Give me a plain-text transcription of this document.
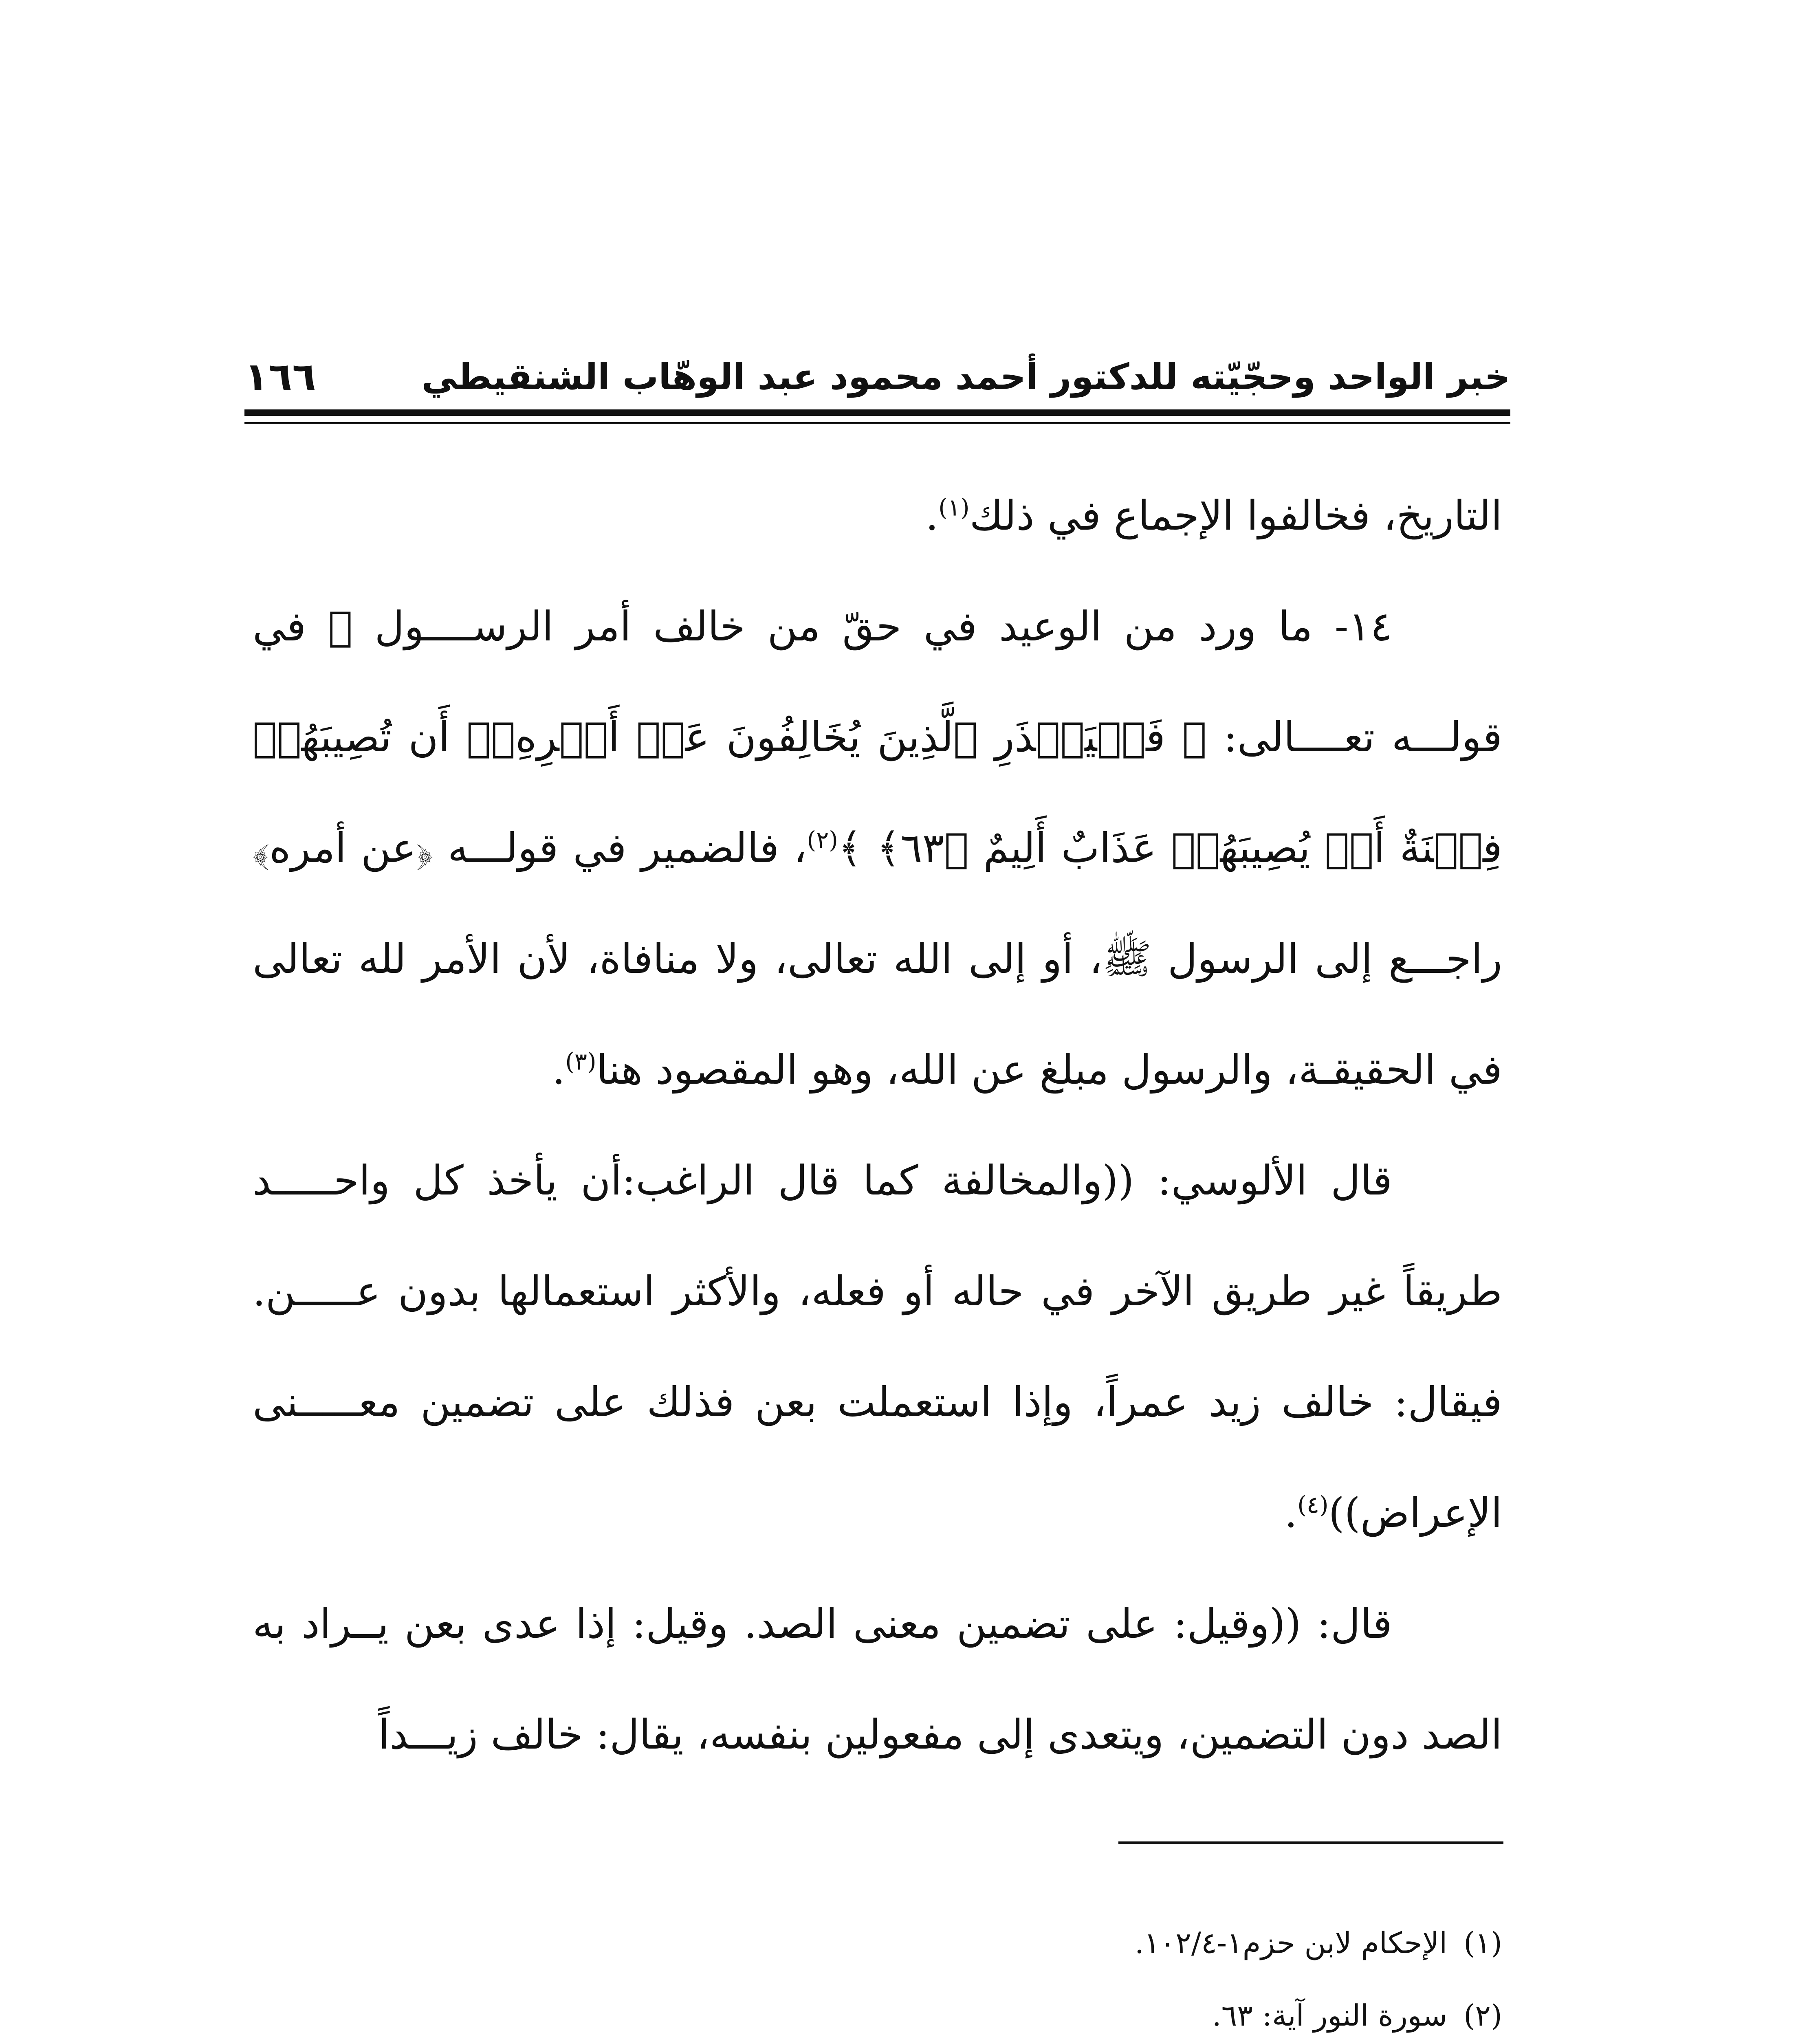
خبر الواحد وحجّيّته للدكتور أحمد محمود عبد الوهّاب الشنقيطي
١٦٦

التاريخ، فخالفوا الإجماع في ذلك$^{(١)}$.

١٤- ما ورد من الوعيد في حقّ من خالف أمر الرســــول ﷺ في قولـــه تعــــالى: ﴿ فَلۡيَحۡذَرِ ٱلَّذِينَ يُخَالِفُونَ عَنۡ أَمۡرِهِۦٓ أَن تُصِيبَهُمۡ فِتۡنَةٌ أَوۡ يُصِيبَهُمۡ عَذَابٌ أَلِيمٌ ﴿٦٣﴾ ﴾$^{(٢)}$، فالضمير في قولـــه ﴿عن أمره﴾ راجـــع إلى الرسول ﷺ، أو إلى الله تعالى، ولا منافاة، لأن الأمر لله تعالى في الحقيقـة، والرسول مبلغ عن الله، وهو المقصود هنا$^{(٣)}$.

قال الألوسي: ((والمخالفة كما قال الراغب:أن يأخذ كل واحـــــد طريقاً غير طريق الآخر في حاله أو فعله، والأكثر استعمالها بدون عـــــن. فيقال: خالف زيد عمراً، وإذا استعملت بعن فذلك على تضمين معـــــنى الإعراض))$^{(٤)}$.

قال: ((وقيل: على تضمين معنى الصد. وقيل: إذا عدى بعن يــراد به الصد دون التضمين، ويتعدى إلى مفعولين بنفسه، يقال: خالف زيـــداً

(١)الإحكام لابن حزم١-١٠٢/٤.

(٢)سورة النور آية: ٦٣.
